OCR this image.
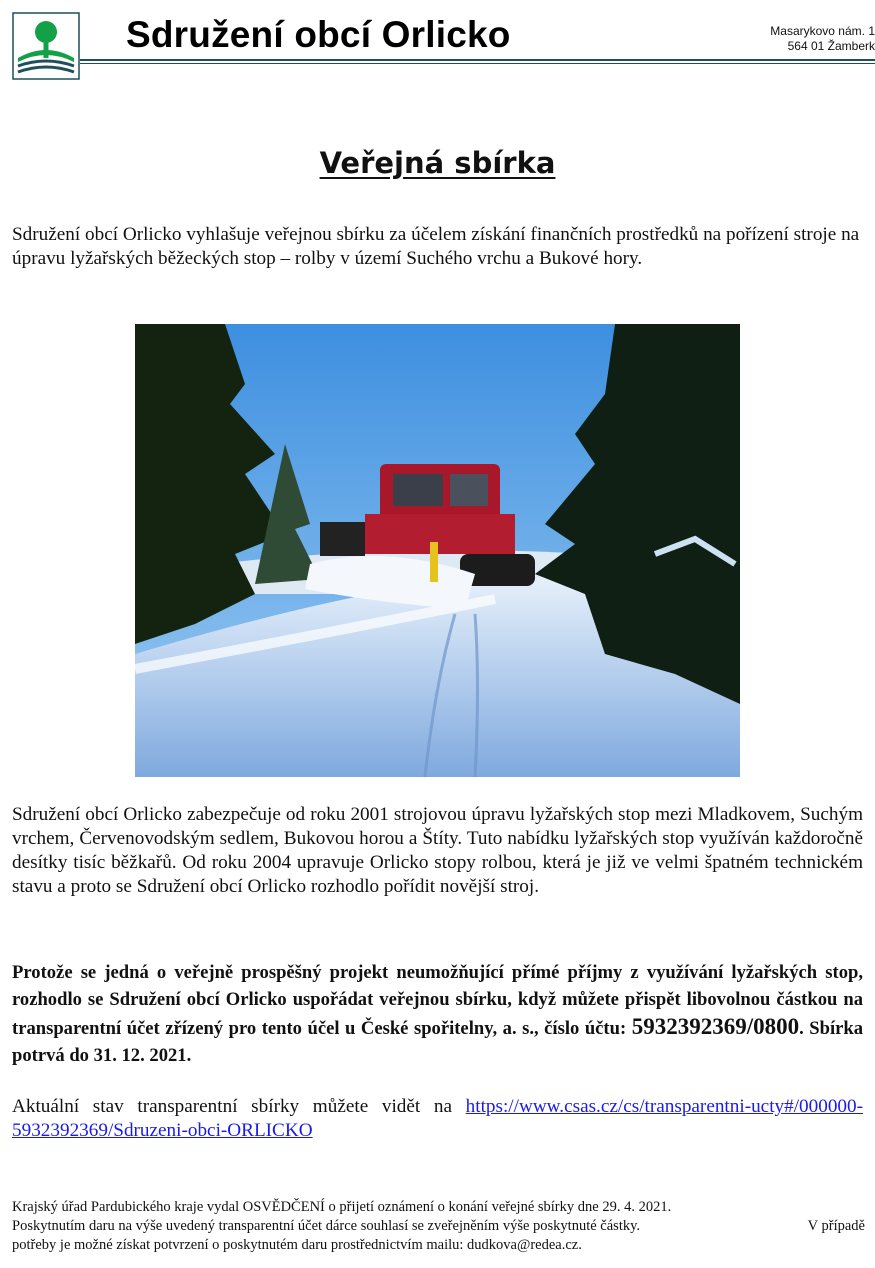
Sdružení obcí Orlicko	Masarykovo nám. 1
564 01 Žamberk
Veřejná sbírka
Sdružení obcí Orlicko vyhlašuje veřejnou sbírku za účelem získání finančních prostředků na pořízení stroje na úpravu lyžařských běžeckých stop – rolby v území Suchého vrchu a Bukové hory.
Sdružení obcí Orlicko zabezpečuje od roku 2001 strojovou úpravu lyžařských stop mezi Mladkovem, Suchým vrchem, Červenovodským sedlem, Bukovou horou a Štíty. Tuto nabídku lyžařských stop využíván každoročně desítky tisíc běžkařů. Od roku 2004 upravuje Orlicko stopy rolbou, která je již ve velmi špatném technickém stavu a proto se Sdružení obcí Orlicko rozhodlo pořídit novější stroj.
Protože se jedná o veřejně prospěšný projekt neumožňující přímé příjmy z využívání lyžařských stop, rozhodlo se Sdružení obcí Orlicko uspořádat veřejnou sbírku, když můžete přispět libovolnou částkou na transparentní účet zřízený pro tento účel u České spořitelny, a. s., číslo účtu: 5932392369/0800. Sbírka potrvá do 31. 12. 2021.
Aktuální stav transparentní sbírky můžete vidět na https://www.csas.cz/cs/transparentni-ucty#/000000-5932392369/Sdruzeni-obci-ORLICKO
Krajský úřad Pardubického kraje vydal OSVĚDČENÍ o přijetí oznámení o konání veřejné sbírky dne 29. 4. 2021.
Poskytnutím daru na výše uvedený transparentní účet dárce souhlasí se zveřejněním výše poskytnuté částky.	V případě
potřeby je možné získat potvrzení o poskytnutém daru prostřednictvím mailu: dudkova@redea.cz.
